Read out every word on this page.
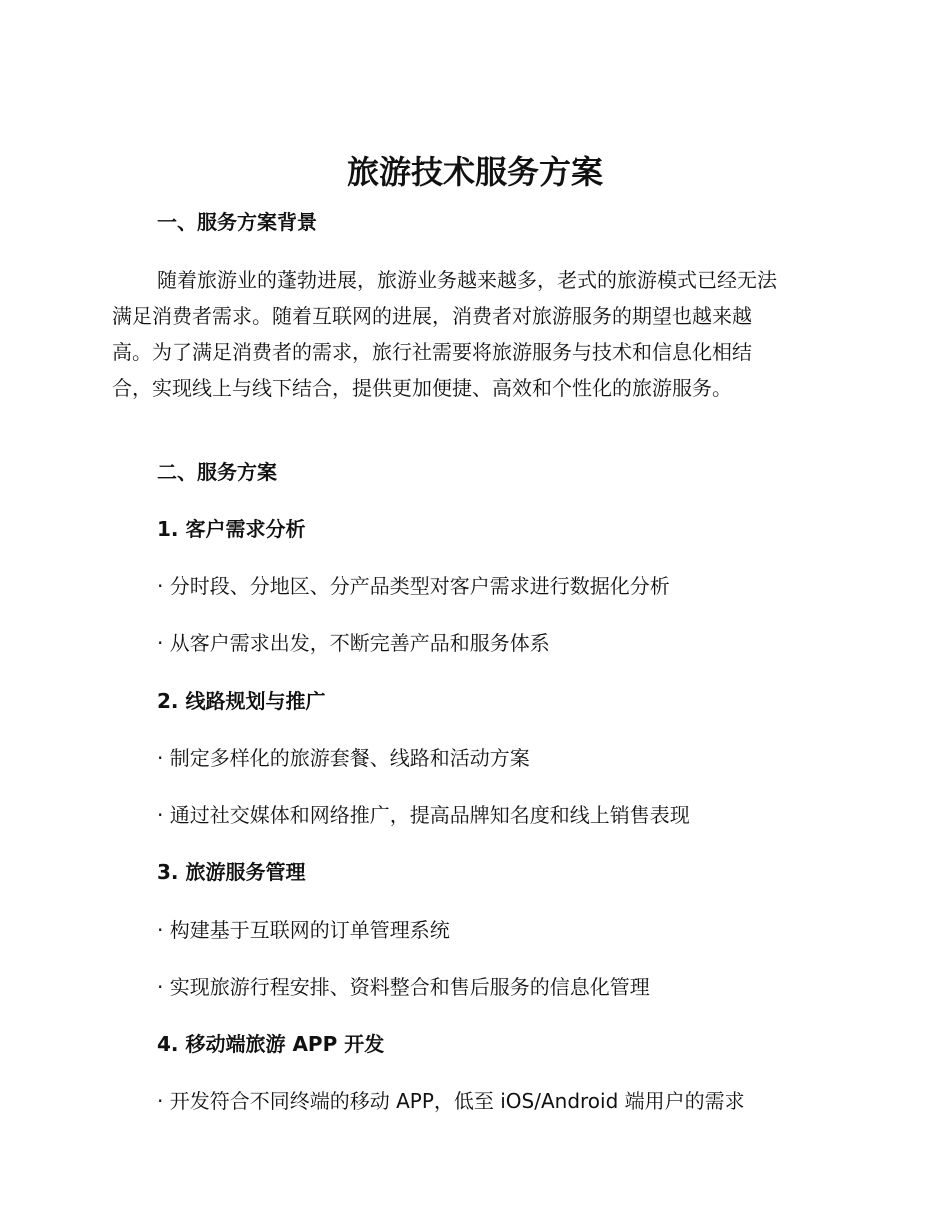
旅游技术服务方案
一、服务方案背景
随着旅游业的蓬勃进展，旅游业务越来越多，老式的旅游模式已经无法
满足消费者需求。随着互联网的进展，消费者对旅游服务的期望也越来越
高。为了满足消费者的需求，旅行社需要将旅游服务与技术和信息化相结
合，实现线上与线下结合，提供更加便捷、高效和个性化的旅游服务。
二、服务方案
1. 客户需求分析
· 分时段、分地区、分产品类型对客户需求进行数据化分析
· 从客户需求出发，不断完善产品和服务体系
2. 线路规划与推广
· 制定多样化的旅游套餐、线路和活动方案
· 通过社交媒体和网络推广，提高品牌知名度和线上销售表现
3. 旅游服务管理
· 构建基于互联网的订单管理系统
· 实现旅游行程安排、资料整合和售后服务的信息化管理
4. 移动端旅游 APP 开发
· 开发符合不同终端的移动 APP，低至 iOS/Android 端用户的需求
